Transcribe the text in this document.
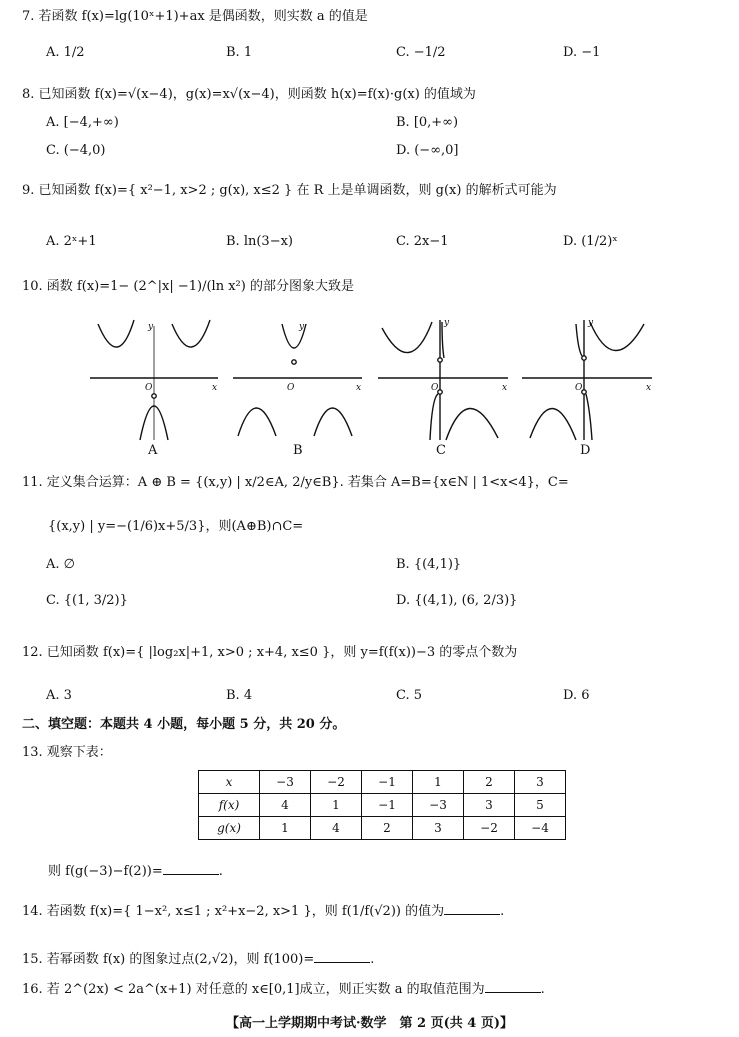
7. 若函数 f(x)=lg(10ˣ+1)+ax 是偶函数，则实数 a 的值是
A. 1/2	B. 1	C. −1/2	D. −1
8. 已知函数 f(x)=√(x−4)，g(x)=x√(x−4)，则函数 h(x)=f(x)·g(x) 的值域为
A. [−4,+∞)	B. [0,+∞)
C. (−4,0)	D. (−∞,0]
9. 已知函数 f(x)={ x²−1, x>2 ; g(x), x≤2 } 在 R 上是单调函数，则 g(x) 的解析式可能为
A. 2ˣ+1	B. ln(3−x)	C. 2x−1	D. (1/2)ˣ
10. 函数 f(x)=1− (2^|x| −1)/(ln x²) 的部分图象大致是
y
x
O
y
x
O
y
x
O
y
x
O
A	B	C	D
11. 定义集合运算：A ⊕ B = {(x,y) | x/2∈A, 2/y∈B}. 若集合 A=B={x∈N | 1<x<4}，C=
{(x,y) | y=−(1/6)x+5/3}，则(A⊕B)∩C=
A. ∅	B. {(4,1)}
C. {(1, 3/2)}	D. {(4,1), (6, 2/3)}
12. 已知函数 f(x)={ |log₂x|+1, x>0 ; x+4, x≤0 }，则 y=f(f(x))−3 的零点个数为
A. 3	B. 4	C. 5	D. 6
二、填空题：本题共 4 小题，每小题 5 分，共 20 分。
13. 观察下表：
x	−3	−2	−1	1	2	3
f(x)	4	1	−1	−3	3	5
g(x)	1	4	2	3	−2	−4
则 f(g(−3)−f(2))=	.
14. 若函数 f(x)={ 1−x², x≤1 ; x²+x−2, x>1 }，则 f(1/f(√2)) 的值为	.
15. 若幂函数 f(x) 的图象过点(2,√2)，则 f(100)=	.
16. 若 2^(2x) < 2a^(x+1) 对任意的 x∈[0,1]成立，则正实数 a 的取值范围为	.
【高一上学期期中考试·数学　第 2 页(共 4 页)】
